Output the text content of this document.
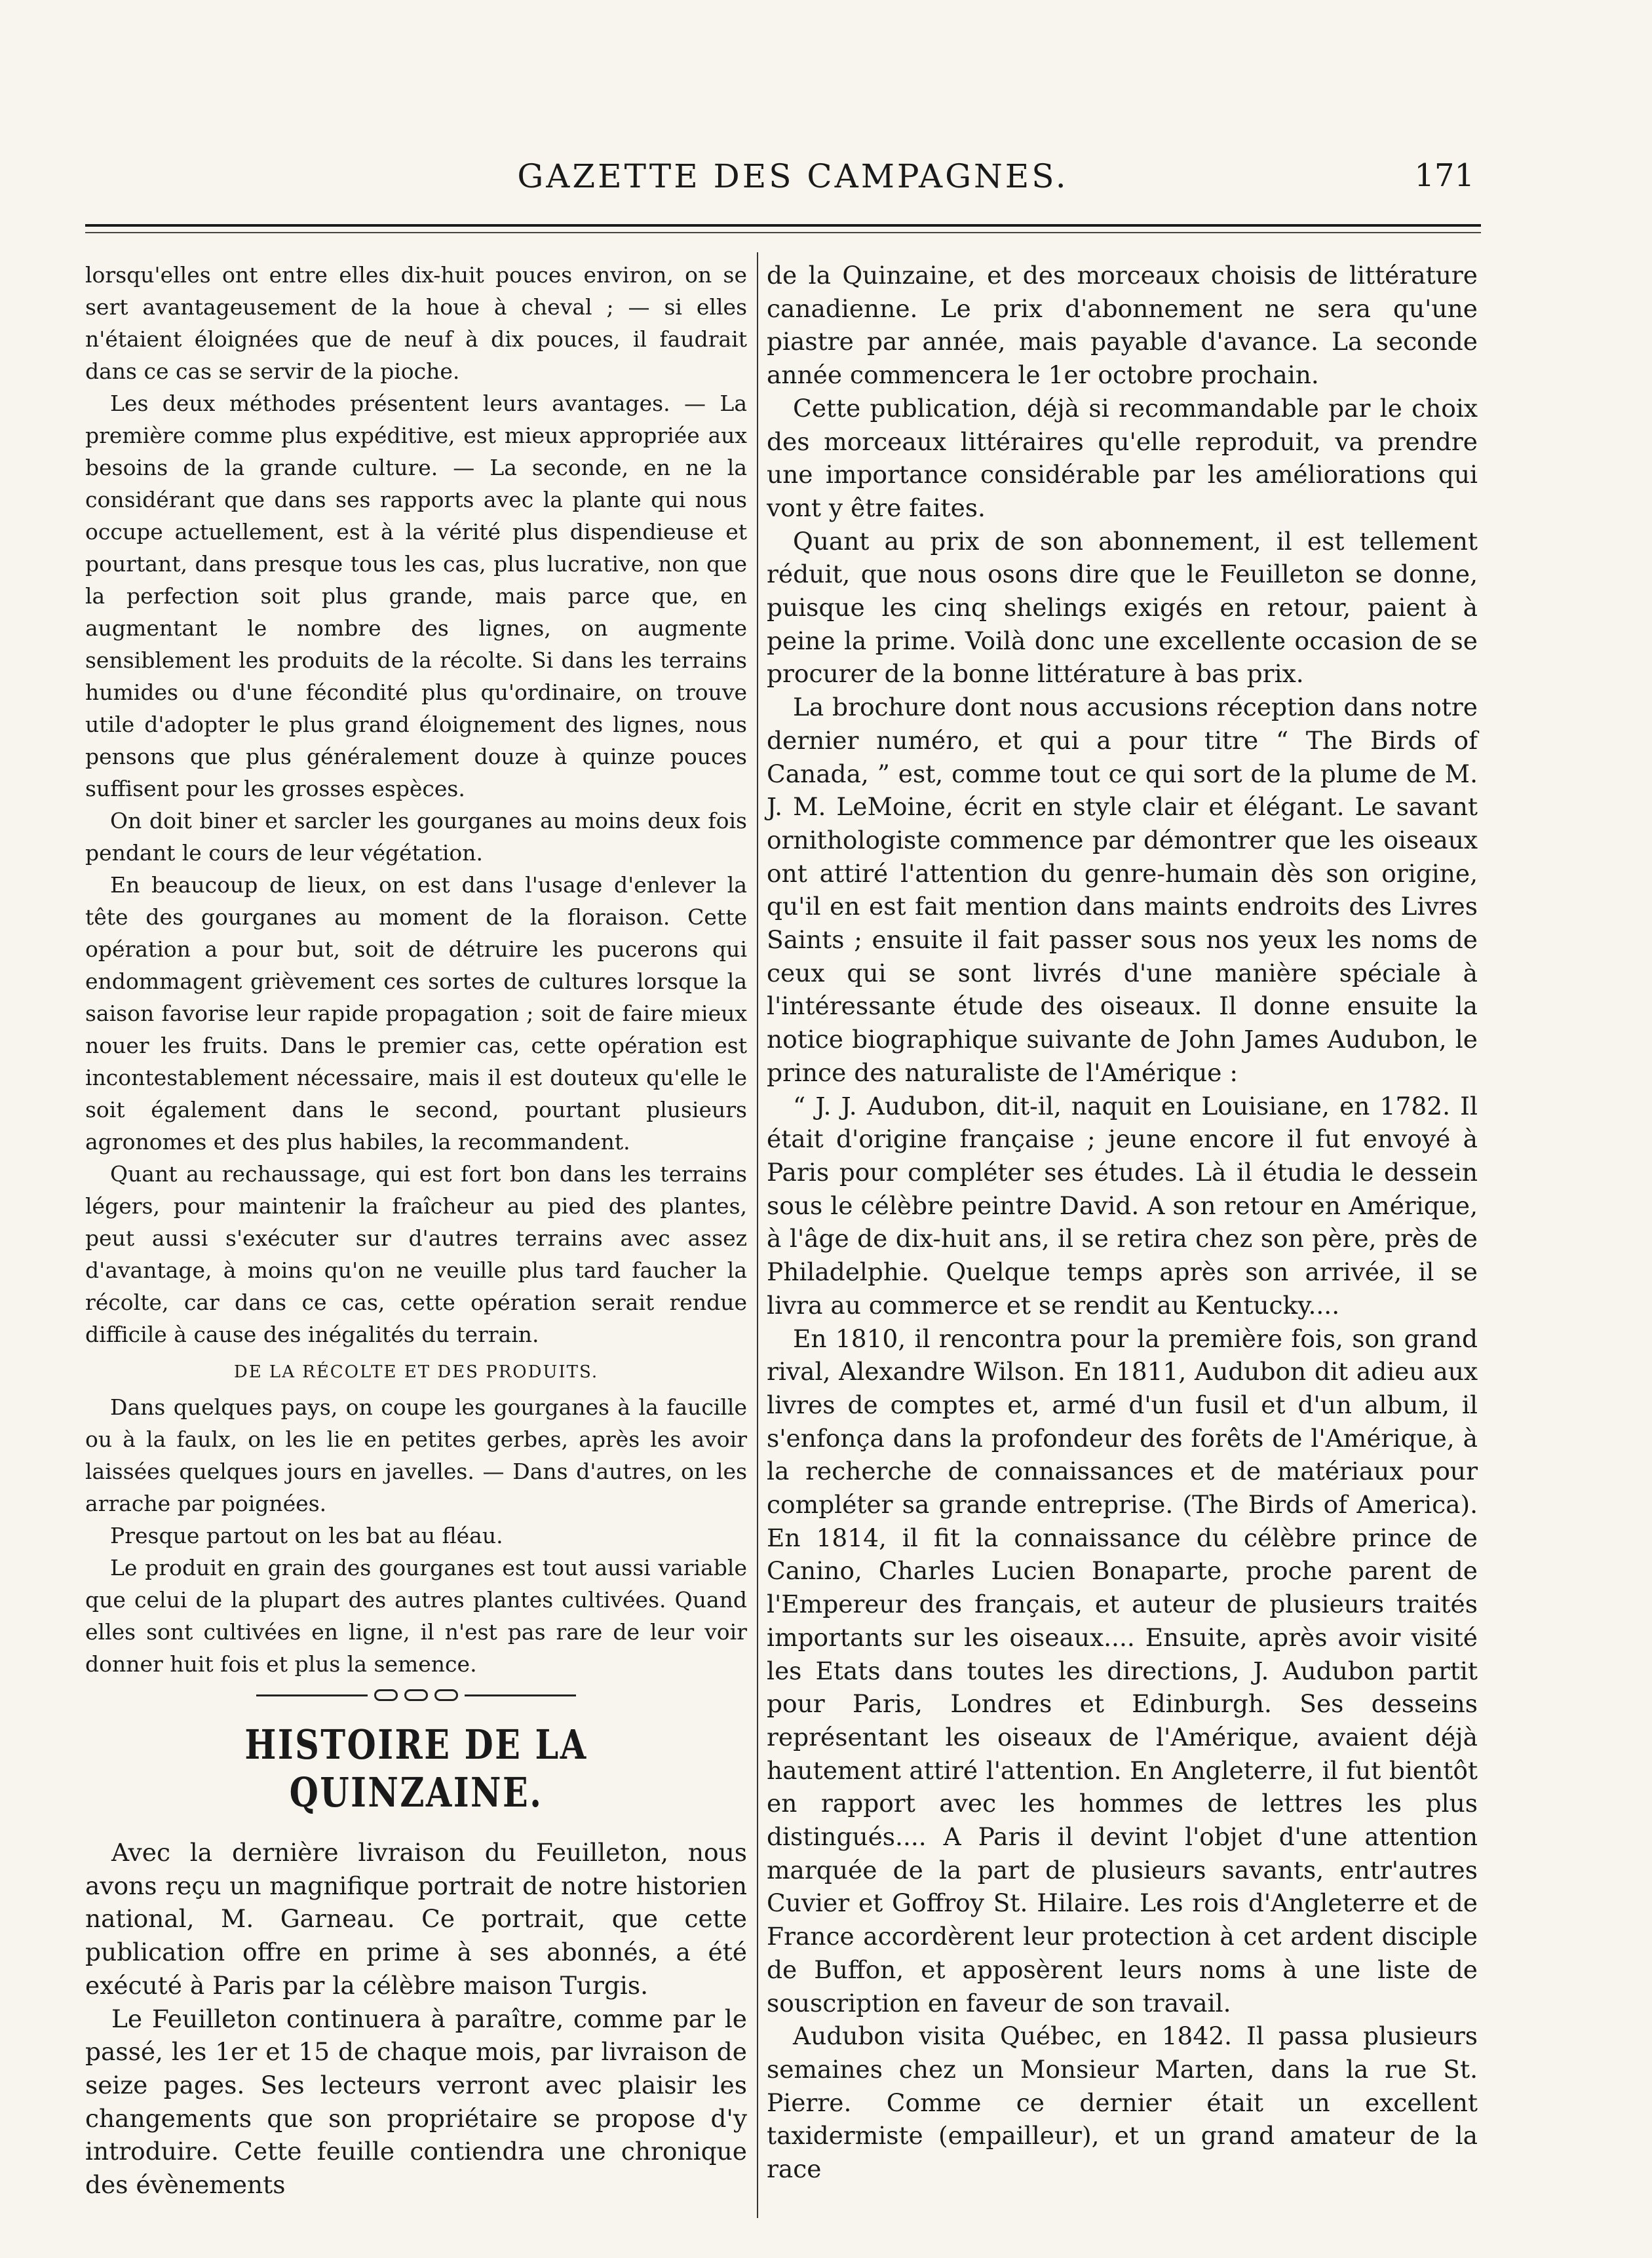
GAZETTE DES CAMPAGNES.	171

lorsqu'elles ont entre elles dix-huit pouces environ, on se sert avantageusement de la houe à cheval ; — si elles n'étaient éloignées que de neuf à dix pouces, il faudrait dans ce cas se servir de la pioche.

Les deux méthodes présentent leurs avantages. — La première comme plus expéditive, est mieux appropriée aux besoins de la grande culture. — La seconde, en ne la considérant que dans ses rapports avec la plante qui nous occupe actuellement, est à la vérité plus dispendieuse et pourtant, dans presque tous les cas, plus lucrative, non que la perfection soit plus grande, mais parce que, en augmentant le nombre des lignes, on augmente sensiblement les produits de la récolte. Si dans les terrains humides ou d'une fécondité plus qu'ordinaire, on trouve utile d'adopter le plus grand éloignement des lignes, nous pensons que plus généralement douze à quinze pouces suffisent pour les grosses espèces.

On doit biner et sarcler les gourganes au moins deux fois pendant le cours de leur végétation.

En beaucoup de lieux, on est dans l'usage d'enlever la tête des gourganes au moment de la floraison. Cette opération a pour but, soit de détruire les pucerons qui endommagent grièvement ces sortes de cultures lorsque la saison favorise leur rapide propagation ; soit de faire mieux nouer les fruits. Dans le premier cas, cette opération est incontestablement nécessaire, mais il est douteux qu'elle le soit également dans le second, pourtant plusieurs agronomes et des plus habiles, la recommandent.

Quant au rechaussage, qui est fort bon dans les terrains légers, pour maintenir la fraîcheur au pied des plantes, peut aussi s'exécuter sur d'autres terrains avec assez d'avantage, à moins qu'on ne veuille plus tard faucher la récolte, car dans ce cas, cette opération serait rendue difficile à cause des inégalités du terrain.

DE LA RÉCOLTE ET DES PRODUITS.

Dans quelques pays, on coupe les gourganes à la faucille ou à la faulx, on les lie en petites gerbes, après les avoir laissées quelques jours en javelles. — Dans d'autres, on les arrache par poignées.

Presque partout on les bat au fléau.

Le produit en grain des gourganes est tout aussi variable que celui de la plupart des autres plantes cultivées. Quand elles sont cultivées en ligne, il n'est pas rare de leur voir donner huit fois et plus la semence.

HISTOIRE DE LA QUINZAINE.

Avec la dernière livraison du Feuilleton, nous avons reçu un magnifique portrait de notre historien national, M. Garneau. Ce portrait, que cette publication offre en prime à ses abonnés, a été exécuté à Paris par la célèbre maison Turgis.

Le Feuilleton continuera à paraître, comme par le passé, les 1er et 15 de chaque mois, par livraison de seize pages. Ses lecteurs verront avec plaisir les changements que son propriétaire se propose d'y introduire. Cette feuille contiendra une chronique des évènements

de la Quinzaine, et des morceaux choisis de littérature canadienne. Le prix d'abonnement ne sera qu'une piastre par année, mais payable d'avance. La seconde année commencera le 1er octobre prochain.

Cette publication, déjà si recommandable par le choix des morceaux littéraires qu'elle reproduit, va prendre une importance considérable par les améliorations qui vont y être faites.

Quant au prix de son abonnement, il est tellement réduit, que nous osons dire que le Feuilleton se donne, puisque les cinq shelings exigés en retour, paient à peine la prime. Voilà donc une excellente occasion de se procurer de la bonne littérature à bas prix.

La brochure dont nous accusions réception dans notre dernier numéro, et qui a pour titre “ The Birds of Canada, ” est, comme tout ce qui sort de la plume de M. J. M. LeMoine, écrit en style clair et élégant. Le savant ornithologiste commence par démontrer que les oiseaux ont attiré l'attention du genre-humain dès son origine, qu'il en est fait mention dans maints endroits des Livres Saints ; ensuite il fait passer sous nos yeux les noms de ceux qui se sont livrés d'une manière spéciale à l'intéressante étude des oiseaux. Il donne ensuite la notice biographique suivante de John James Audubon, le prince des naturaliste de l'Amérique :

“ J. J. Audubon, dit-il, naquit en Louisiane, en 1782. Il était d'origine française ; jeune encore il fut envoyé à Paris pour compléter ses études. Là il étudia le dessein sous le célèbre peintre David. A son retour en Amérique, à l'âge de dix-huit ans, il se retira chez son père, près de Philadelphie. Quelque temps après son arrivée, il se livra au commerce et se rendit au Kentucky....

En 1810, il rencontra pour la première fois, son grand rival, Alexandre Wilson. En 1811, Audubon dit adieu aux livres de comptes et, armé d'un fusil et d'un album, il s'enfonça dans la profondeur des forêts de l'Amérique, à la recherche de connaissances et de matériaux pour compléter sa grande entreprise. (The Birds of America). En 1814, il fit la connaissance du célèbre prince de Canino, Charles Lucien Bonaparte, proche parent de l'Empereur des français, et auteur de plusieurs traités importants sur les oiseaux.... Ensuite, après avoir visité les Etats dans toutes les directions, J. Audubon partit pour Paris, Londres et Edinburgh. Ses desseins représentant les oiseaux de l'Amérique, avaient déjà hautement attiré l'attention. En Angleterre, il fut bientôt en rapport avec les hommes de lettres les plus distingués.... A Paris il devint l'objet d'une attention marquée de la part de plusieurs savants, entr'autres Cuvier et Goffroy St. Hilaire. Les rois d'Angleterre et de France accordèrent leur protection à cet ardent disciple de Buffon, et apposèrent leurs noms à une liste de souscription en faveur de son travail.

Audubon visita Québec, en 1842. Il passa plusieurs semaines chez un Monsieur Marten, dans la rue St. Pierre. Comme ce dernier était un excellent taxidermiste (empailleur), et un grand amateur de la race
